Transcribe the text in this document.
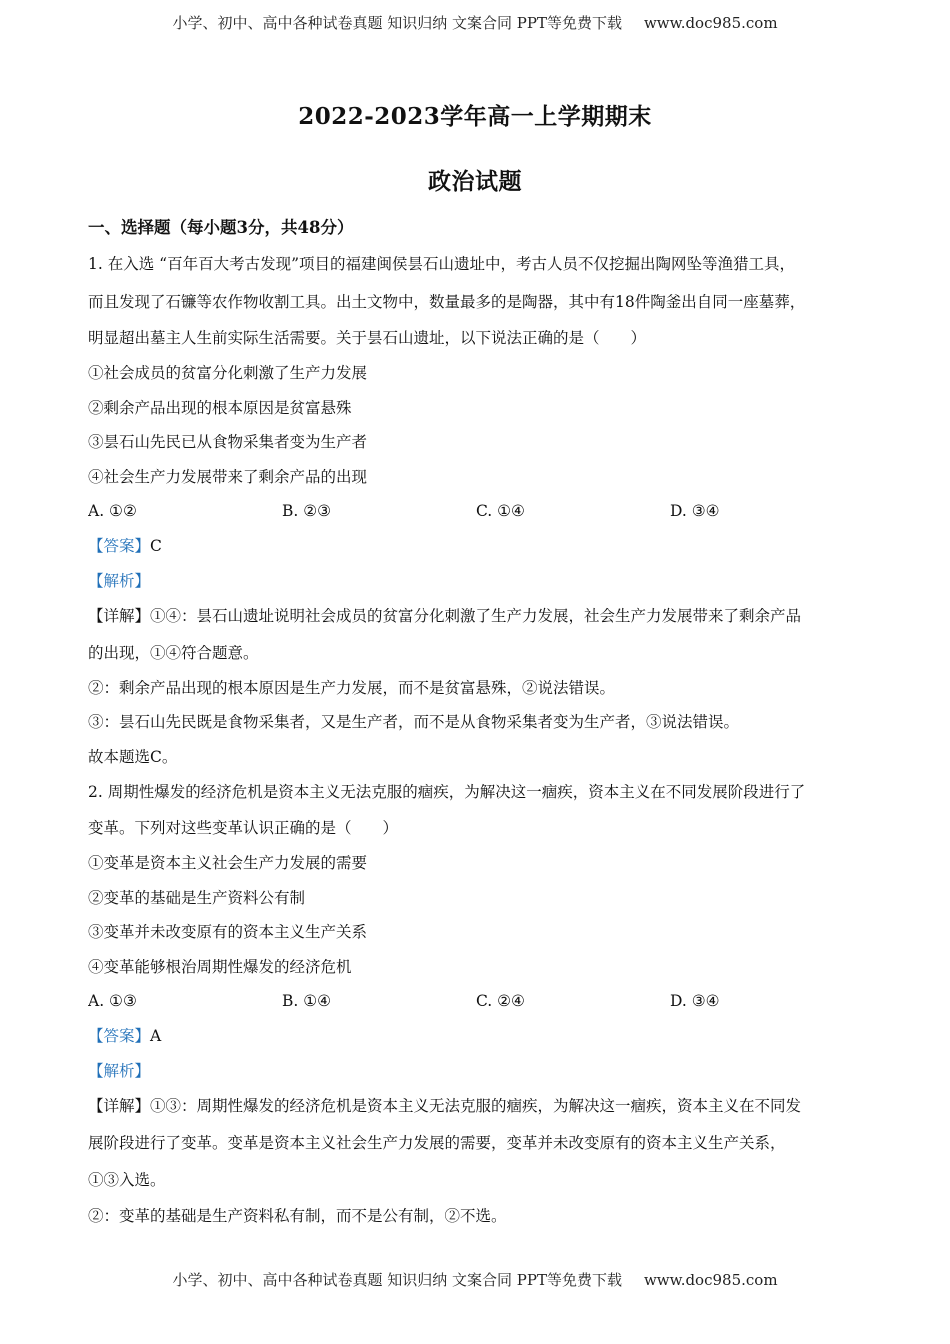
小学、初中、高中各种试卷真题 知识归纳 文案合同 PPT等免费下载 www.doc985.com
2022-2023学年高一上学期期末
政治试题
一、选择题（每小题3分，共48分）
1. 在入选 “百年百大考古发现”项目的福建闽侯昙石山遗址中，考古人员不仅挖掘出陶网坠等渔猎工具，
而且发现了石镰等农作物收割工具。出土文物中，数量最多的是陶器，其中有18件陶釜出自同一座墓葬，
明显超出墓主人生前实际生活需要。关于昙石山遗址，以下说法正确的是（　　）
①社会成员的贫富分化刺激了生产力发展
②剩余产品出现的根本原因是贫富悬殊
③昙石山先民已从食物采集者变为生产者
④社会生产力发展带来了剩余产品的出现
A. ①②	B. ②③	C. ①④	D. ③④
【答案】C
【解析】
【详解】①④：昙石山遗址说明社会成员的贫富分化刺激了生产力发展，社会生产力发展带来了剩余产品
的出现，①④符合题意。
②：剩余产品出现的根本原因是生产力发展，而不是贫富悬殊，②说法错误。
③：昙石山先民既是食物采集者，又是生产者，而不是从食物采集者变为生产者，③说法错误。
故本题选C。
2. 周期性爆发的经济危机是资本主义无法克服的痼疾，为解决这一痼疾，资本主义在不同发展阶段进行了
变革。下列对这些变革认识正确的是（　　）
①变革是资本主义社会生产力发展的需要
②变革的基础是生产资料公有制
③变革并未改变原有的资本主义生产关系
④变革能够根治周期性爆发的经济危机
A. ①③	B. ①④	C. ②④	D. ③④
【答案】A
【解析】
【详解】①③：周期性爆发的经济危机是资本主义无法克服的痼疾，为解决这一痼疾，资本主义在不同发
展阶段进行了变革。变革是资本主义社会生产力发展的需要，变革并未改变原有的资本主义生产关系，
①③入选。
②：变革的基础是生产资料私有制，而不是公有制，②不选。
小学、初中、高中各种试卷真题 知识归纳 文案合同 PPT等免费下载 www.doc985.com
